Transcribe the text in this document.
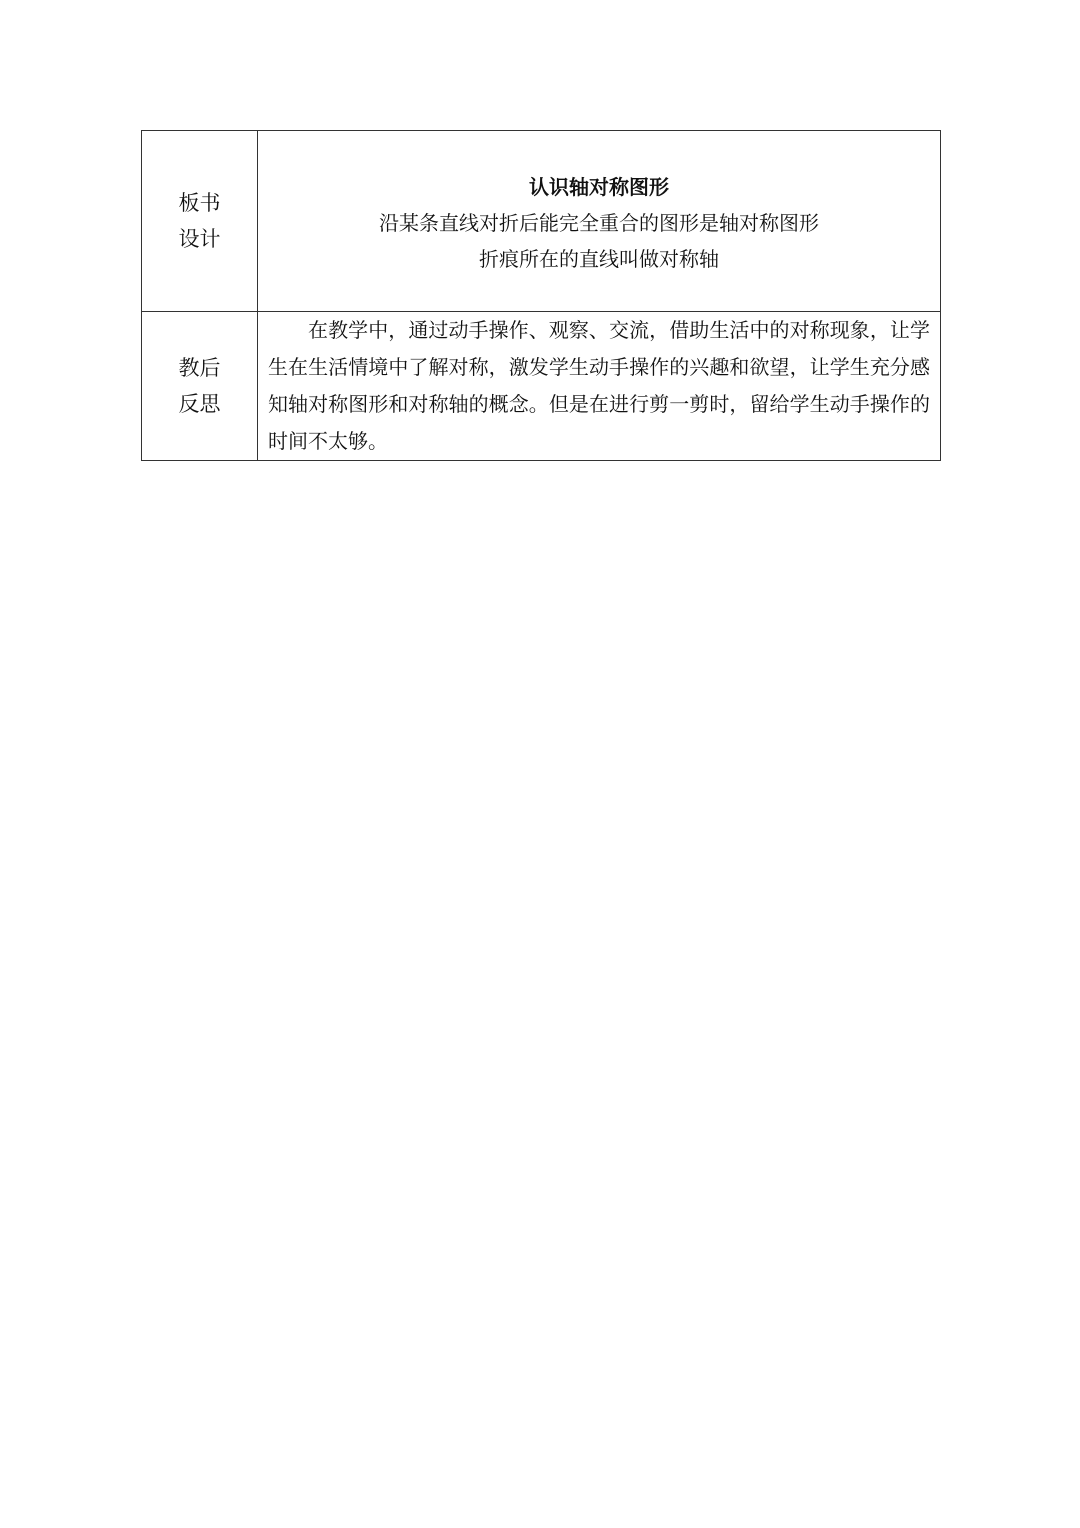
板书
设计	认识轴对称图形
沿某条直线对折后能完全重合的图形是轴对称图形
折痕所在的直线叫做对称轴

教后
反思	在教学中，通过动手操作、观察、交流，借助生活中的对称现象，让学生在生活情境中了解对称，激发学生动手操作的兴趣和欲望，让学生充分感知轴对称图形和对称轴的概念。但是在进行剪一剪时，留给学生动手操作的时间不太够。
